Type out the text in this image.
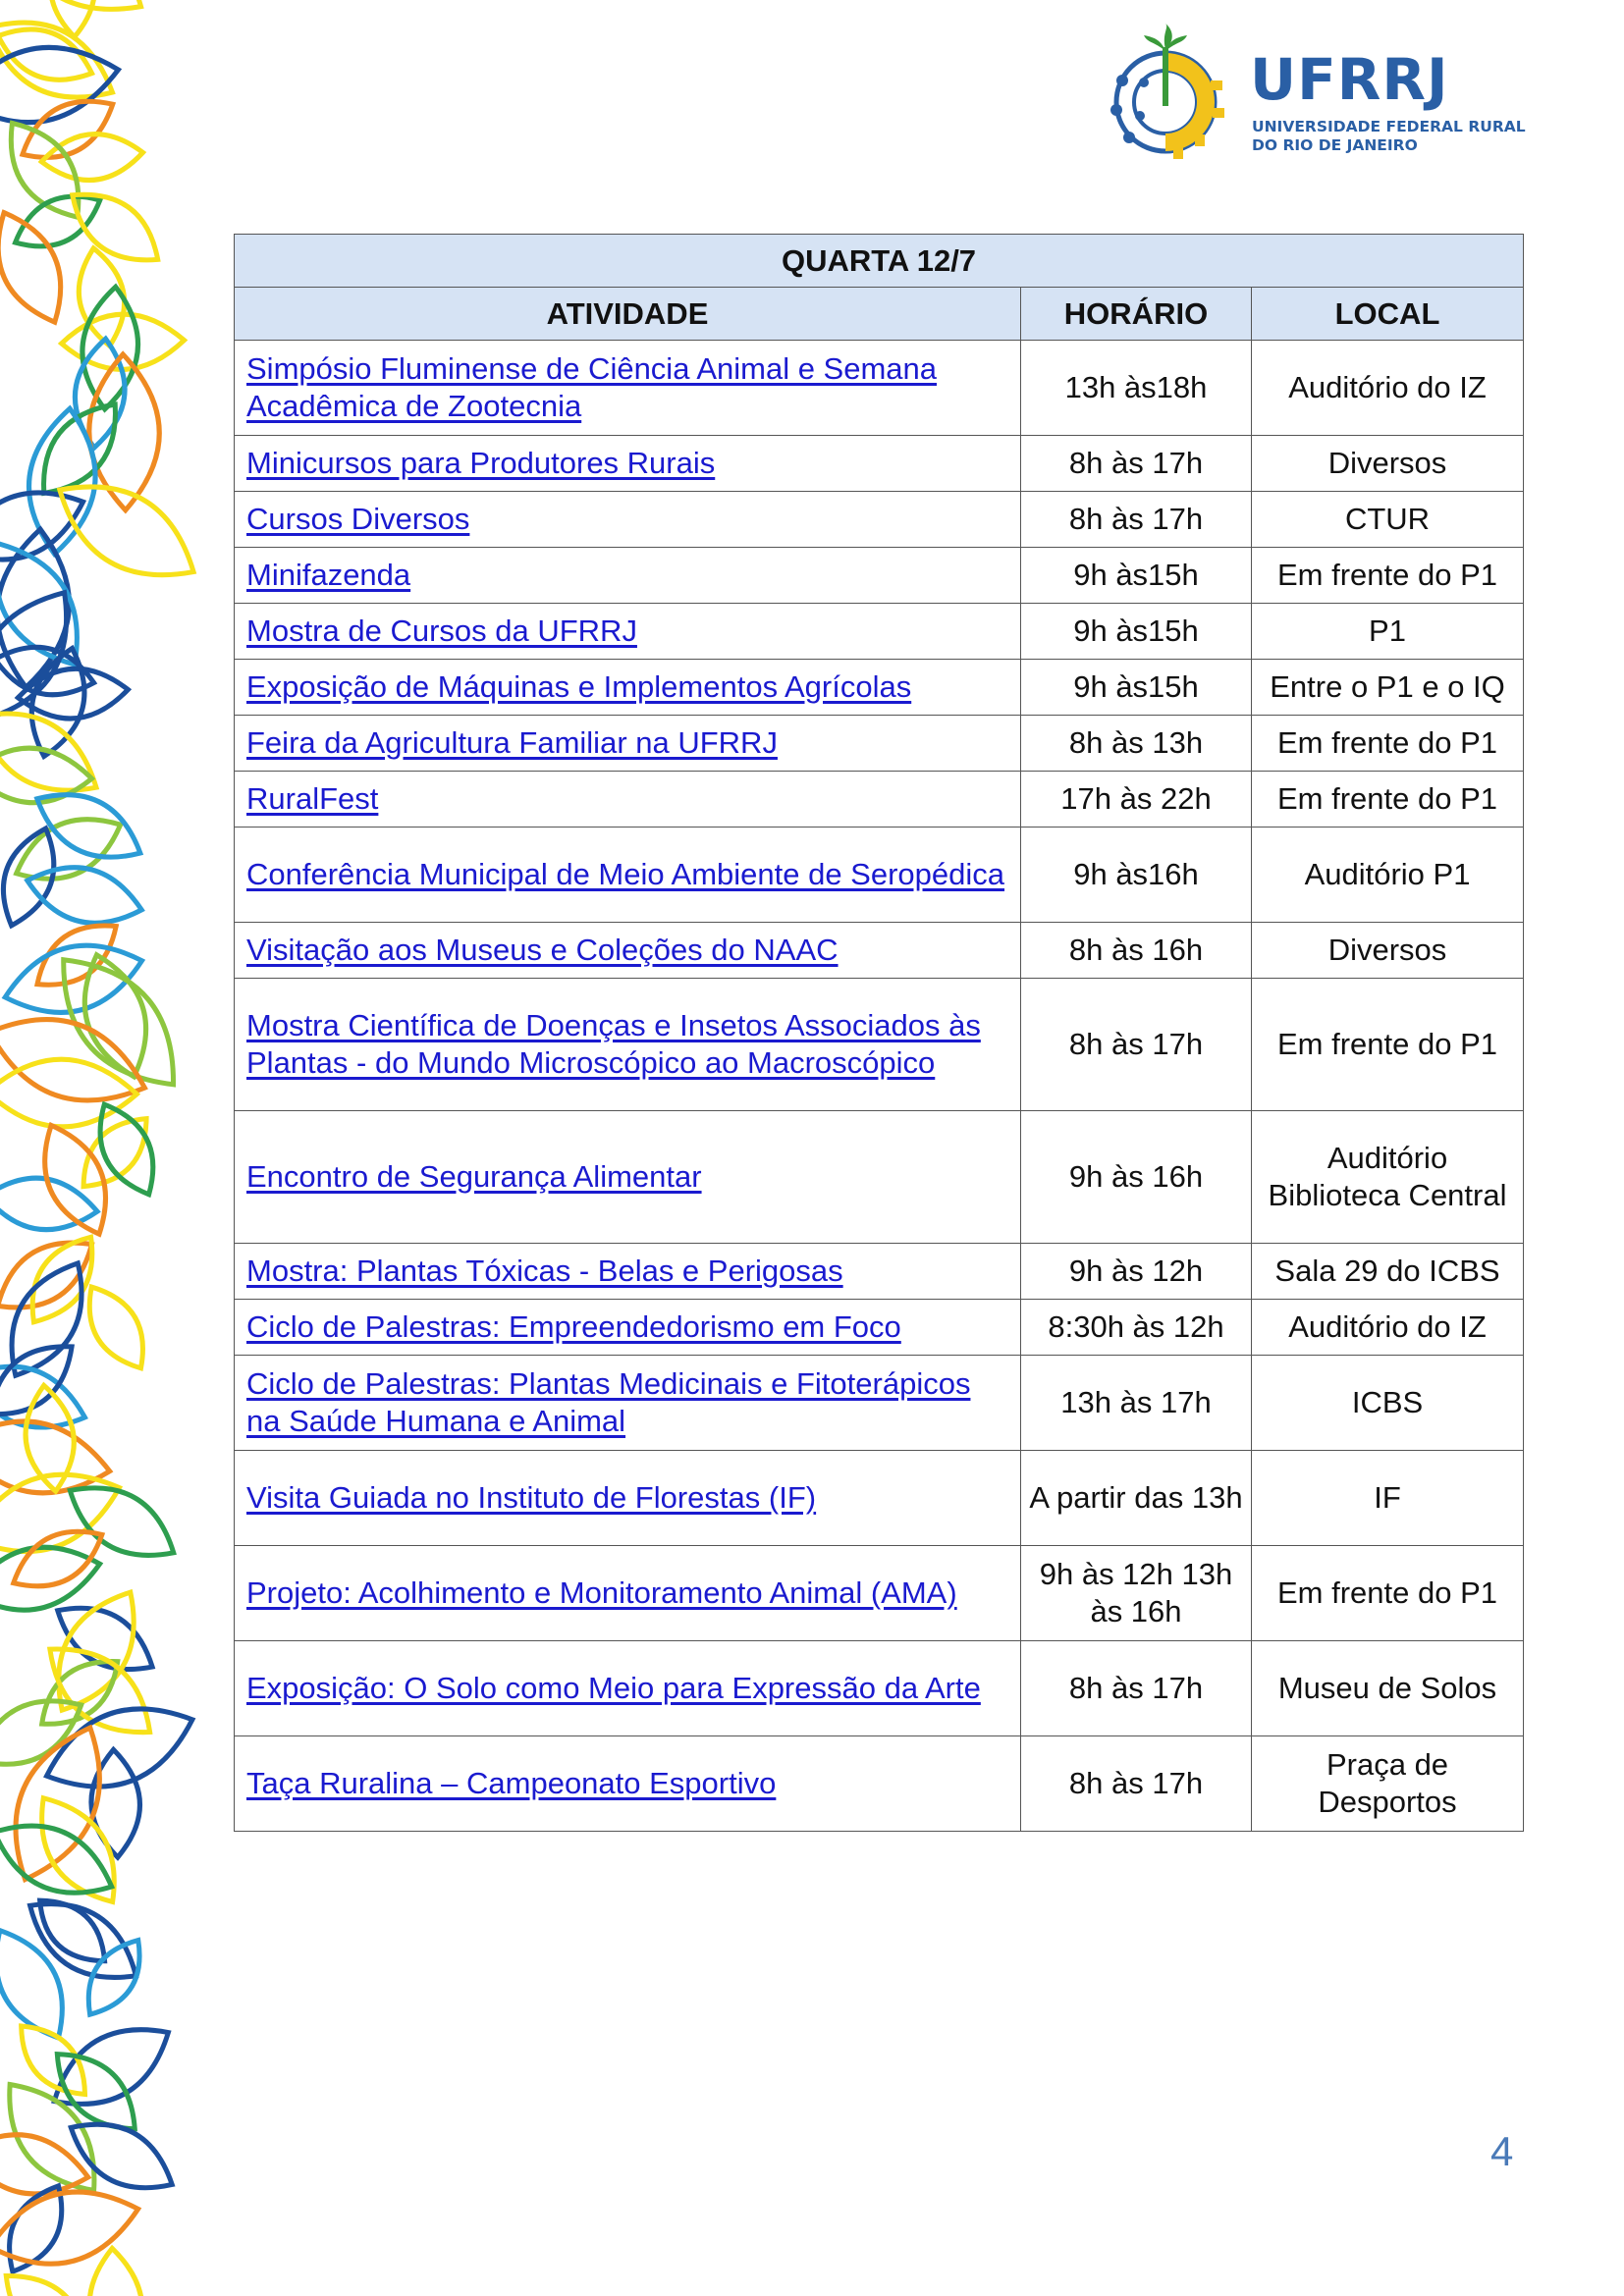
UFRRJ
UNIVERSIDADE FEDERAL RURAL
DO RIO DE JANEIRO
QUARTA 12/7		
ATIVIDADE	HORÁRIO	LOCAL
Simpósio Fluminense de Ciência Animal e Semana Acadêmica de Zootecnia	13h às18h	Auditório do IZ
Minicursos para Produtores Rurais	8h às 17h	Diversos
Cursos Diversos	8h às 17h	CTUR
Minifazenda	9h às15h	Em frente do P1
Mostra de Cursos da UFRRJ	9h às15h	P1
Exposição de Máquinas e Implementos Agrícolas	9h às15h	Entre o P1 e o IQ
Feira da Agricultura Familiar na UFRRJ	8h às 13h	Em frente do P1
RuralFest	17h às 22h	Em frente do P1
Conferência Municipal de Meio Ambiente de Seropédica	9h às16h	Auditório P1
Visitação aos Museus e Coleções do NAAC	8h às 16h	Diversos
Mostra Científica de Doenças e Insetos Associados às Plantas - do Mundo Microscópico ao Macroscópico	8h às 17h	Em frente do P1
Encontro de Segurança Alimentar	9h às 16h	Auditório Biblioteca Central
Mostra: Plantas Tóxicas - Belas e Perigosas	9h às 12h	Sala 29 do ICBS
Ciclo de Palestras: Empreendedorismo em Foco	8:30h às 12h	Auditório do IZ
Ciclo de Palestras: Plantas Medicinais e Fitoterápicos na Saúde Humana e Animal	13h às 17h	ICBS
Visita Guiada no Instituto de Florestas (IF)	A partir das 13h	IF
Projeto: Acolhimento e Monitoramento Animal (AMA)	9h às 12h 13h às 16h	Em frente do P1
Exposição: O Solo como Meio para Expressão da Arte	8h às 17h	Museu de Solos
Taça Ruralina – Campeonato Esportivo	8h às 17h	Praça de Desportos
4
